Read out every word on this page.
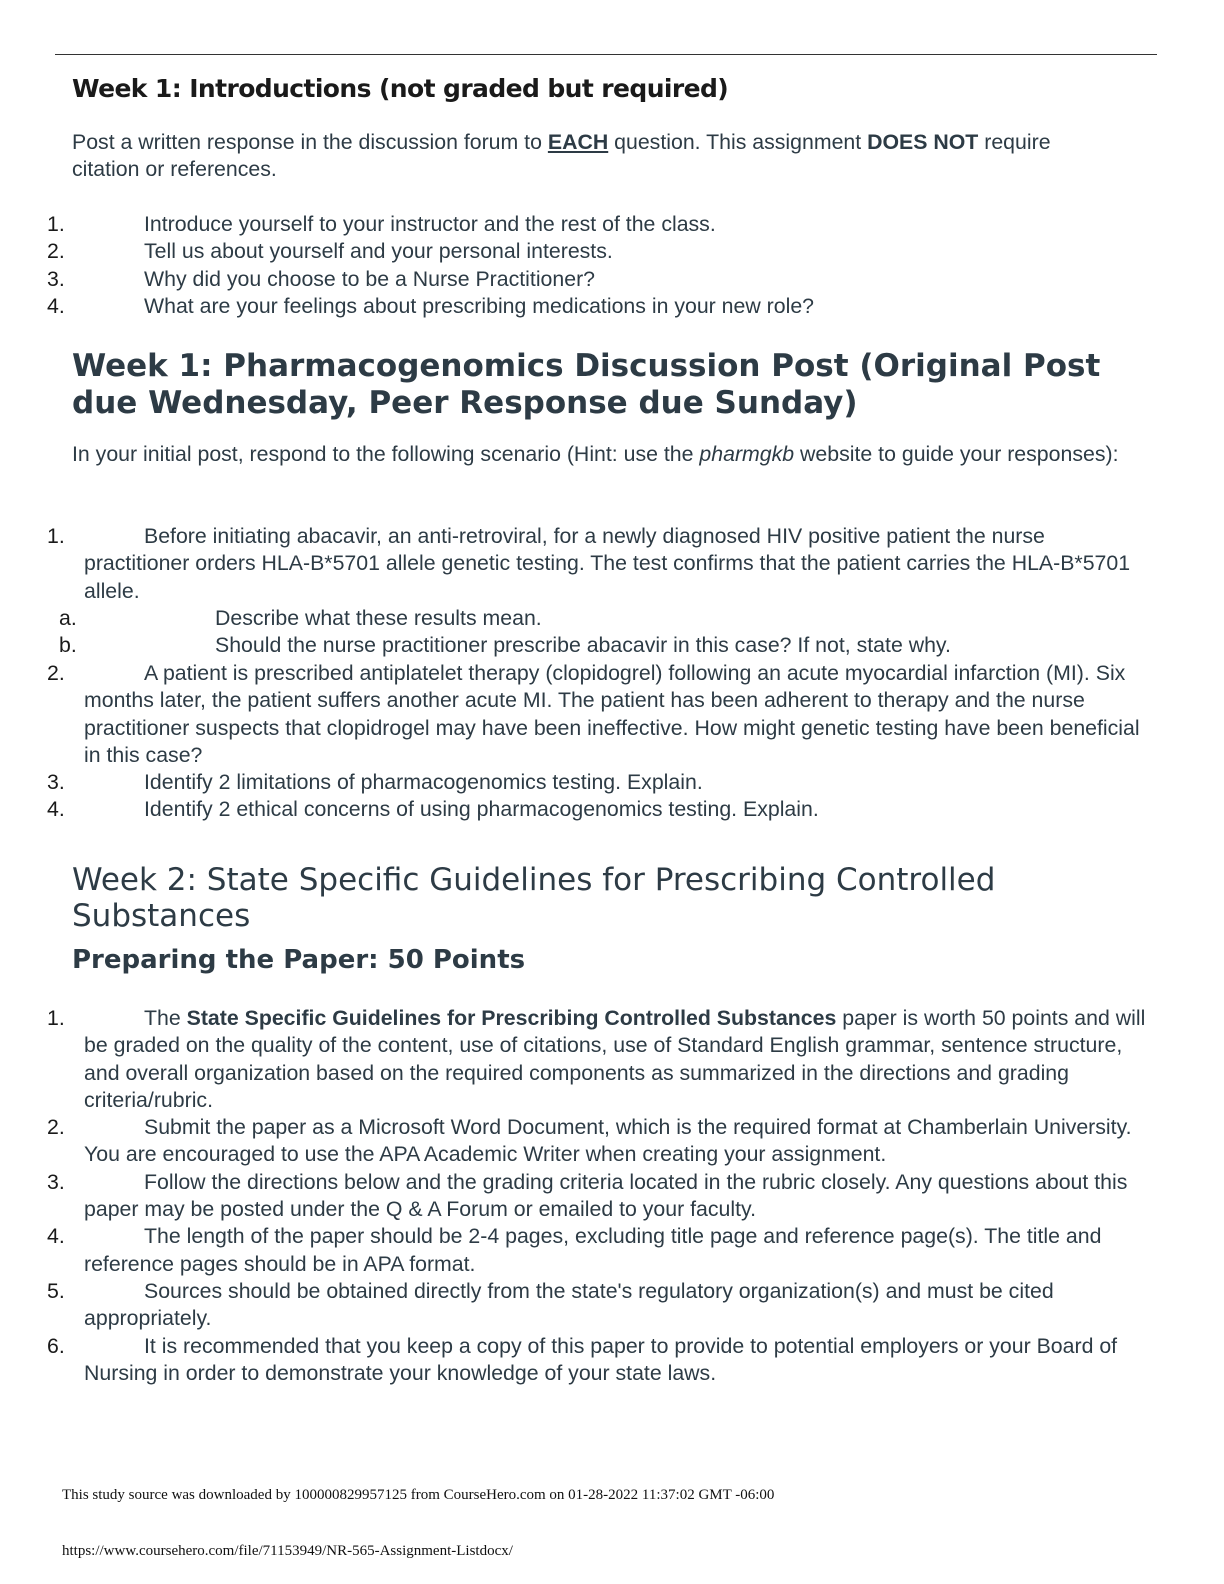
Week 1: Introductions (not graded but required)

Post a written response in the discussion forum to EACH question. This assignment DOES NOT require citation or references.

1.	Introduce yourself to your instructor and the rest of the class.
2.	Tell us about yourself and your personal interests.
3.	Why did you choose to be a Nurse Practitioner?
4.	What are your feelings about prescribing medications in your new role?
Week 1: Pharmacogenomics Discussion Post (Original Post due Wednesday, Peer Response due Sunday)

In your initial post, respond to the following scenario (Hint: use the pharmgkb website to guide your responses):

1.	Before initiating abacavir, an anti-retroviral, for a newly diagnosed HIV positive patient the nurse practitioner orders HLA-B*5701 allele genetic testing. The test confirms that the patient carries the HLA-B*5701 allele.
a.	Describe what these results mean.
b.	Should the nurse practitioner prescribe abacavir in this case? If not, state why.
2.	A patient is prescribed antiplatelet therapy (clopidogrel) following an acute myocardial infarction (MI). Six months later, the patient suffers another acute MI. The patient has been adherent to therapy and the nurse practitioner suspects that clopidrogel may have been ineffective. How might genetic testing have been beneficial in this case?
3.	Identify 2 limitations of pharmacogenomics testing. Explain.
4.	Identify 2 ethical concerns of using pharmacogenomics testing. Explain.
Week 2: State Specific Guidelines for Prescribing Controlled Substances
Preparing the Paper: 50 Points
1.	The State Specific Guidelines for Prescribing Controlled Substances paper is worth 50 points and will be graded on the quality of the content, use of citations, use of Standard English grammar, sentence structure, and overall organization based on the required components as summarized in the directions and grading criteria/rubric.
2.	Submit the paper as a Microsoft Word Document, which is the required format at Chamberlain University. You are encouraged to use the APA Academic Writer when creating your assignment.
3.	Follow the directions below and the grading criteria located in the rubric closely. Any questions about this paper may be posted under the Q & A Forum or emailed to your faculty.
4.	The length of the paper should be 2-4 pages, excluding title page and reference page(s). The title and reference pages should be in APA format.
5.	Sources should be obtained directly from the state's regulatory organization(s) and must be cited appropriately.
6.	It is recommended that you keep a copy of this paper to provide to potential employers or your Board of Nursing in order to demonstrate your knowledge of your state laws.

This study source was downloaded by 100000829957125 from CourseHero.com on 01-28-2022 11:37:02 GMT -06:00

https://www.coursehero.com/file/71153949/NR-565-Assignment-Listdocx/
